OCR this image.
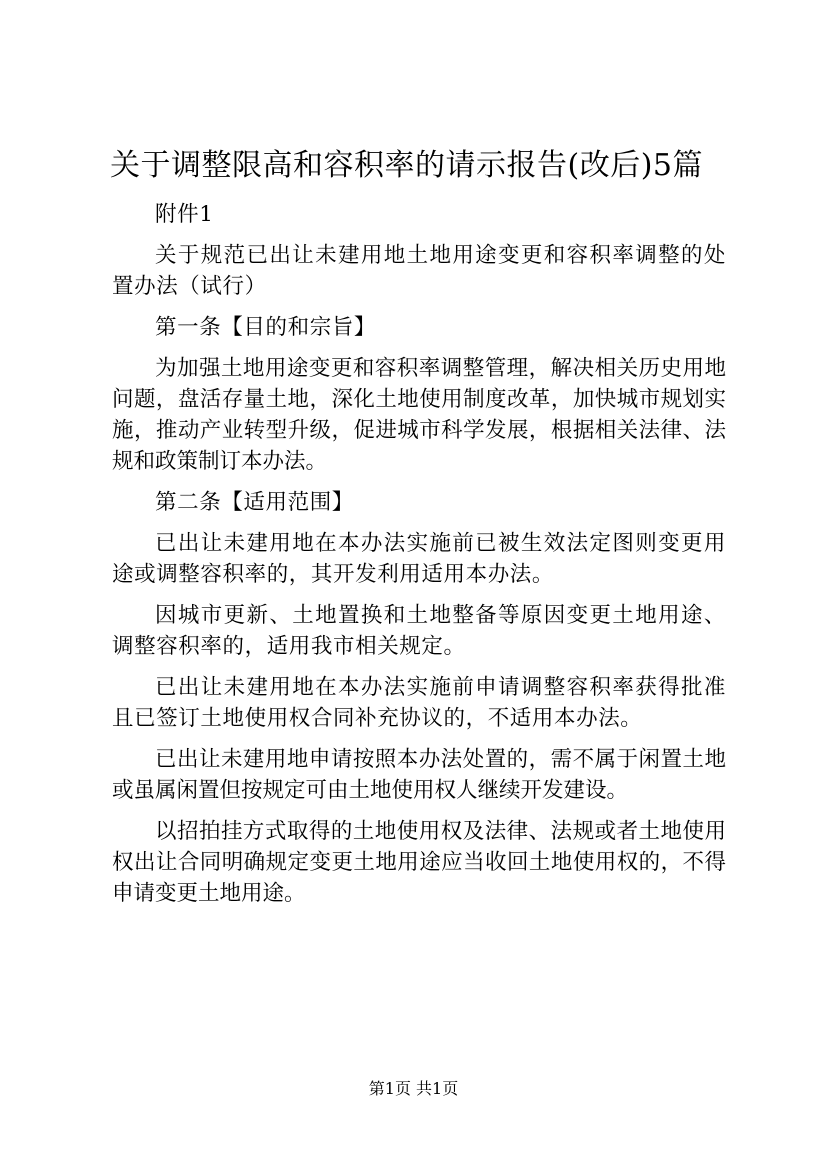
关于调整限高和容积率的请示报告(改后)5篇

附件1

关于规范已出让未建用地土地用途变更和容积率调整的处置办法（试行）

第一条【目的和宗旨】

为加强土地用途变更和容积率调整管理，解决相关历史用地问题，盘活存量土地，深化土地使用制度改革，加快城市规划实施，推动产业转型升级，促进城市科学发展，根据相关法律、法规和政策制订本办法。

第二条【适用范围】

已出让未建用地在本办法实施前已被生效法定图则变更用途或调整容积率的，其开发利用适用本办法。

因城市更新、土地置换和土地整备等原因变更土地用途、调整容积率的，适用我市相关规定。

已出让未建用地在本办法实施前申请调整容积率获得批准且已签订土地使用权合同补充协议的，不适用本办法。

已出让未建用地申请按照本办法处置的，需不属于闲置土地或虽属闲置但按规定可由土地使用权人继续开发建设。

以招拍挂方式取得的土地使用权及法律、法规或者土地使用权出让合同明确规定变更土地用途应当收回土地使用权的，不得申请变更土地用途。

第1页 共1页
